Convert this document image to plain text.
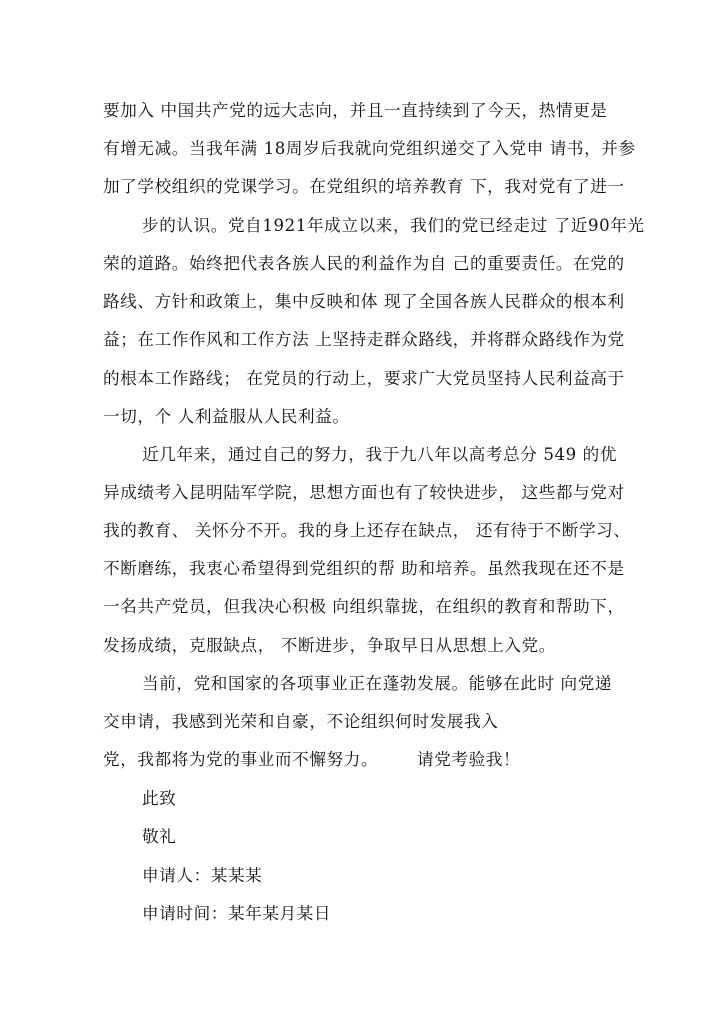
要加入 中国共产党的远大志向，并且一直持续到了今天，热情更是
有增无减。当我年满 18周岁后我就向党组织递交了入党申 请书，并参
加了学校组织的党课学习。在党组织的培养教育 下，我对党有了进一
步的认识。党自1921年成立以来，我们的党已经走过 了近90年光
荣的道路。始终把代表各族人民的利益作为自 己的重要责任。在党的
路线、方针和政策上，集中反映和体 现了全国各族人民群众的根本利
益；在工作作风和工作方法 上坚持走群众路线，并将群众路线作为党
的根本工作路线； 在党员的行动上，要求广大党员坚持人民利益高于
一切，个 人利益服从人民利益。
近几年来，通过自己的努力，我于九八年以高考总分 549 的优
异成绩考入昆明陆军学院，思想方面也有了较快进步， 这些都与党对
我的教育、 关怀分不开。我的身上还存在缺点， 还有待于不断学习、
不断磨练，我衷心希望得到党组织的帮 助和培养。虽然我现在还不是
一名共产党员，但我决心积极 向组织靠拢，在组织的教育和帮助下，
发扬成绩，克服缺点， 不断进步，争取早日从思想上入党。
当前，党和国家的各项事业正在蓬勃发展。能够在此时 向党递
交申请，我感到光荣和自豪，不论组织何时发展我入
党，我都将为党的事业而不懈努力。	请党考验我！
此致
敬礼
申请人：某某某
申请时间：某年某月某日
